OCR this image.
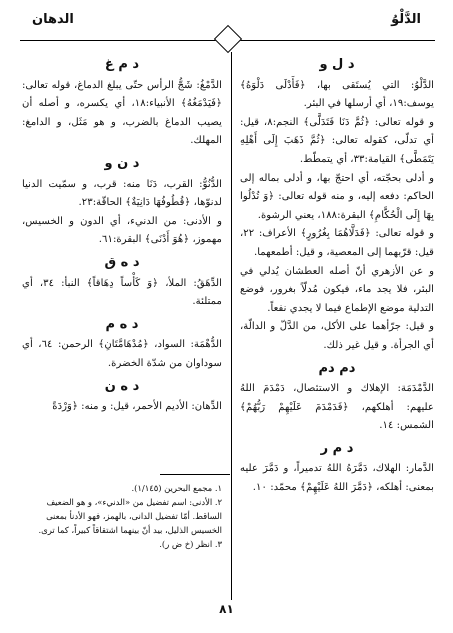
الدهان	الدَّلْوُ
د ل و
الدَّلْوُ: التي يُستَقى بها، ﴿فَأَدْلَى دَلْوَهُ﴾ يوسف:١٩، أي أرسلها في البئر.
و قوله تعالى: ﴿ثُمَّ دَنَا فَتَدَلَّى﴾ النجم:٨، قيل: أي تدلّى، كقوله تعالى: ﴿ثُمَّ ذَهَبَ إِلَى أَهْلِهِ يَتَمَطَّى﴾ القيامة:٣٣، أي يتمطّط.
و أدلى بحجّته، أي احتجّ بها، و أدلى بماله إلى الحاكم: دفعه إليه، و منه قوله تعالى: ﴿وَ تُدْلُوا بِهَا إِلَى الْحُكَّامِ﴾ البقرة:١٨٨، يعني الرشوة.
و قوله تعالى: ﴿فَدَلَّاهُمَا بِغُرُورٍ﴾ الأعراف: ٢٢، قيل: قرّبهما إلى المعصية، و قيل: أطمعهما.
و عن الأزهري أنّ أصله العطشان يُدلي في البئر، فلا يجد ماء، فيكون مُدلّاً بغرور، فوضع التدلية موضع الإطماع فيما لا يجدي نفعاً.
و قيل: جرّأهما على الأكل، من الدَّلّ و الدالّة، أي الجرأة. و قيل غير ذلك.
دم دم
الدَّمْدَمَة: الإهلاك و الاستئصال، دَمْدَمَ اللهُ عليهم: أهلكهم، ﴿فَدَمْدَمَ عَلَيْهِمْ رَبُّهُمْ﴾ الشمس: ١٤.
د م ر
الدَّمار: الهلاك، دَمَّرَهُ اللهُ تدميراً، و دَمَّرَ عليه بمعنى: أهلكه، ﴿دَمَّرَ اللهُ عَلَيْهِمْ﴾ محمّد: ١٠.
د م غ
الدَّمْغُ: شَجُّ الرأس حتّى يبلغ الدماغ، قوله تعالى: ﴿فَيَدْمَغُهُ﴾ الأنبياء:١٨، أي يكسره، و أصله أن يصيب الدماغ بالضرب، و هو مَثَل، و الدامغ: المهلك.
د ن و
الدُّنُوُّ: القرب، دَنَا منه: قرب، و سمّيت الدنيا لدنوّها، ﴿قُطُوفُهَا دَانِيَةٌ﴾ الحاقّة:٢٣.
و الأدنى: من الدنيء، أي الدون و الخسيس، مهموز، ﴿هُوَ أَدْنَى﴾ البقرة:٦١.
د ه ق
الدِّهَقُ: الملأ، ﴿وَ كَأْساً دِهَاقاً﴾ النبأ: ٣٤، أي ممتلئة.
د ه م
الدُّهْمَة: السواد، ﴿مُدْهَامَّتَانِ﴾ الرحمن: ٦٤، أي سوداوان من شدّة الخضرة.
د ه ن
الدِّهان: الأديم الأحمر، قيل: و منه: ﴿وَرْدَةً
١. مجمع البحرين (١/١٤٥).
٢. الأدنى: اسم تفضيل من «الدنيء»، و هو الضعيف الساقط. أمّا تفضيل الدانى، بالهمز، فهو الأدنأ بمعنى الخسيس الذليل، بيد أنّ بينهما اشتقاقاً كبيراً، كما ترى.
٣. انظر (خ ض ر).
٨١
